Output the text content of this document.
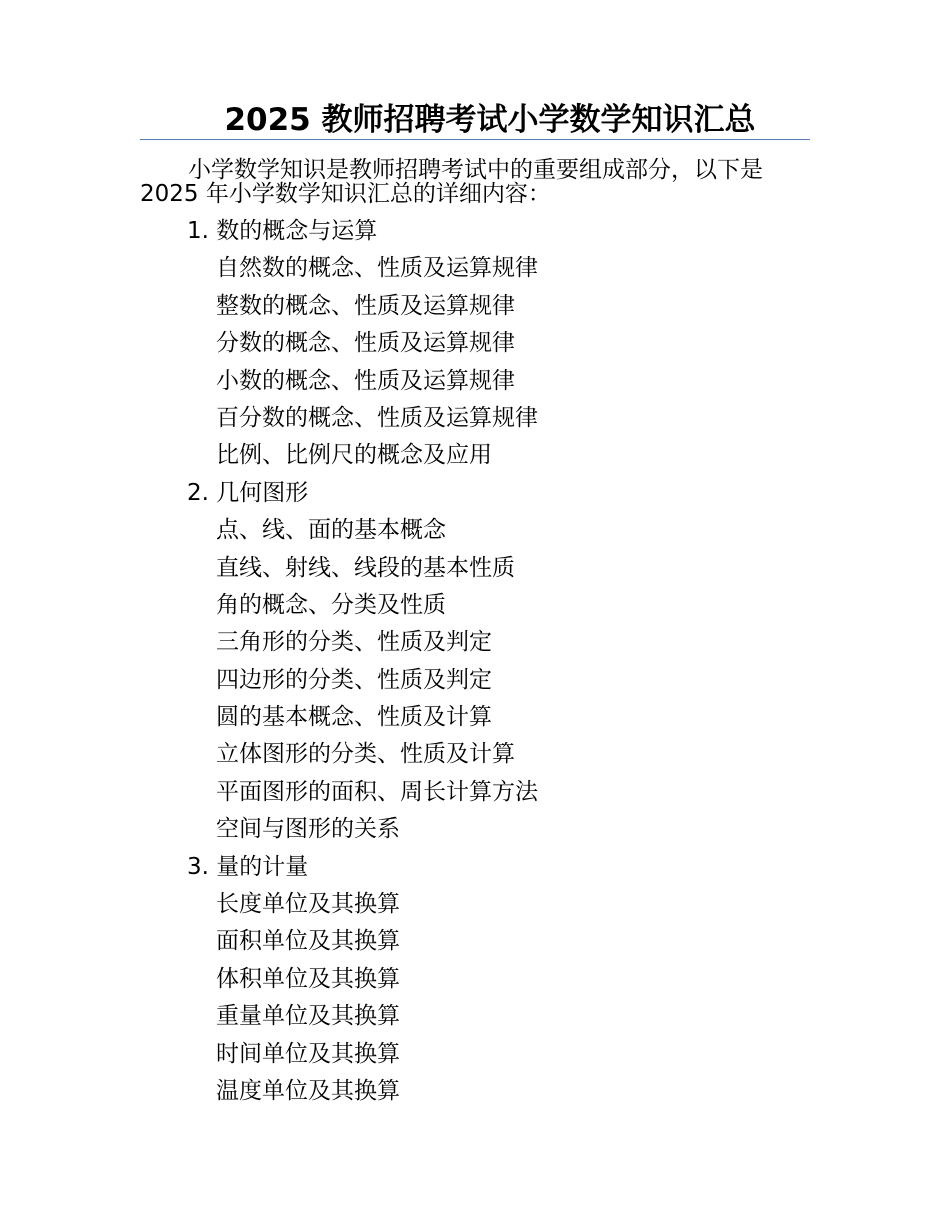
2025 教师招聘考试小学数学知识汇总
小学数学知识是教师招聘考试中的重要组成部分，以下是
2025 年小学数学知识汇总的详细内容：
1. 数的概念与运算
自然数的概念、性质及运算规律
整数的概念、性质及运算规律
分数的概念、性质及运算规律
小数的概念、性质及运算规律
百分数的概念、性质及运算规律
比例、比例尺的概念及应用
2. 几何图形
点、线、面的基本概念
直线、射线、线段的基本性质
角的概念、分类及性质
三角形的分类、性质及判定
四边形的分类、性质及判定
圆的基本概念、性质及计算
立体图形的分类、性质及计算
平面图形的面积、周长计算方法
空间与图形的关系
3. 量的计量
长度单位及其换算
面积单位及其换算
体积单位及其换算
重量单位及其换算
时间单位及其换算
温度单位及其换算
